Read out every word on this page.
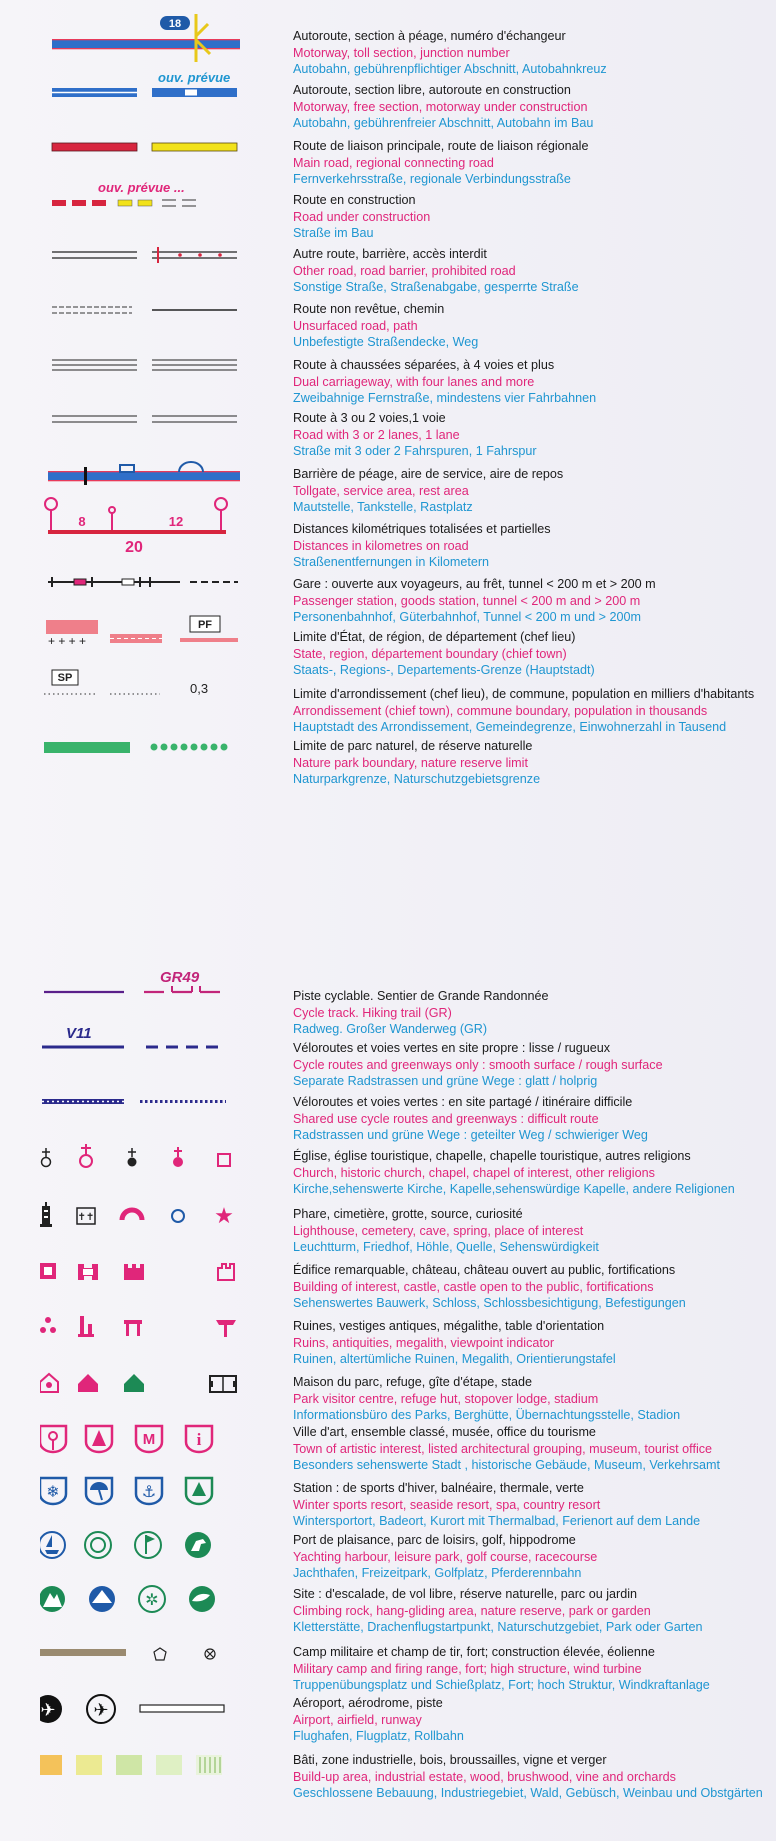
18
Autoroute, section à péage, numéro d'échangeur
Motorway, toll section, junction number
Autobahn, gebührenpflichtiger Abschnitt, Autobahnkreuz
ouv. prévue
Autoroute, section libre, autoroute en construction
Motorway, free section, motorway under construction
Autobahn, gebührenfreier Abschnitt, Autobahn im Bau
Route de liaison principale, route de liaison régionale
Main road, regional connecting road
Fernverkehrsstraße, regionale Verbindungsstraße
ouv. prévue ...
Route en construction
Road under construction
Straße im Bau
Autre route, barrière, accès interdit
Other road, road barrier, prohibited road
Sonstige Straße, Straßenabgabe, gesperrte Straße
Route non revêtue, chemin
Unsurfaced road, path
Unbefestigte Straßendecke, Weg
Route à chaussées séparées, à 4 voies et plus
Dual carriageway, with four lanes and more
Zweibahnige Fernstraße, mindestens vier Fahrbahnen
Route à 3 ou 2 voies,1 voie
Road with 3 or 2 lanes, 1 lane
Straße mit 3 oder 2 Fahrspuren, 1 Fahrspur
Barrière de péage, aire de service, aire de repos
Tollgate, service area, rest area
Mautstelle, Tankstelle, Rastplatz
8	12
20
Distances kilométriques totalisées et partielles
Distances in kilometres on road
Straßenentfernungen in Kilometern
Gare : ouverte aux voyageurs, au frêt, tunnel < 200 m et > 200 m
Passenger station, goods station, tunnel < 200 m and > 200 m
Personenbahnhof, Güterbahnhof, Tunnel < 200 m und > 200m
+ + + +
PF
Limite d'État, de région, de département (chef lieu)
State, region, département boundary (chief town)
Staats-, Regions-, Departements-Grenze (Hauptstadt)
SP
0,3	Limite d'arrondissement (chef lieu), de commune, population en milliers d'habitants
Arrondissement (chief town), commune boundary, population in thousands
Hauptstadt des Arrondissement, Gemeindegrenze, Einwohnerzahl in Tausend
Limite de parc naturel, de réserve naturelle
Nature park boundary, nature reserve limit
Naturparkgrenze, Naturschutzgebietsgrenze
GR49
Piste cyclable. Sentier de Grande Randonnée
Cycle track. Hiking trail (GR)
Radweg. Großer Wanderweg (GR)
V11
Véloroutes et voies vertes en site propre : lisse / rugueux
Cycle routes and greenways only : smooth surface / rough surface
Separate Radstrassen und grüne Wege : glatt / holprig
Véloroutes et voies vertes : en site partagé / itinéraire difficile
Shared use cycle routes and greenways : difficult route
Radstrassen und grüne Wege : geteilter Weg / schwieriger Weg
Église, église touristique, chapelle, chapelle touristique, autres religions
Church, historic church, chapel, chapel of interest, other religions
Kirche,sehenswerte Kirche, Kapelle,sehenswürdige Kapelle, andere Religionen
✝✝	★	Phare, cimetière, grotte, source, curiosité
Lighthouse, cemetery, cave, spring, place of interest
Leuchtturm, Friedhof, Höhle, Quelle, Sehenswürdigkeit
Édifice remarquable, château, château ouvert au public, fortifications
Building of interest, castle, castle open to the public, fortifications
Sehenswertes Bauwerk, Schloss, Schlossbesichtigung, Befestigungen
Ruines, vestiges antiques, mégalithe, table d'orientation
Ruins, antiquities, megalith, viewpoint indicator
Ruinen, altertümliche Ruinen, Megalith, Orientierungstafel
Maison du parc, refuge, gîte d'étape, stade
Park visitor centre, refuge hut, stopover lodge, stadium
Informationsbüro des Parks, Berghütte, Übernachtungsstelle, Stadion
M i	Ville d'art, ensemble classé, musée, office du tourisme
Town of artistic interest, listed architectural grouping, museum, tourist office
Besonders sehenswerte Stadt , historische Gebäude, Museum, Verkehrsamt
❄	⚓	Station : de sports d'hiver, balnéaire, thermale, verte
Winter sports resort, seaside resort, spa, country resort
Wintersportort, Badeort, Kurort mit Thermalbad, Ferienort auf dem Lande
Port de plaisance, parc de loisirs, golf, hippodrome
Yachting harbour, leisure park, golf course, racecourse
Jachthafen, Freizeitpark, Golfplatz, Pferderennbahn
✲	Site : d'escalade, de vol libre, réserve naturelle, parc ou jardin
Climbing rock, hang-gliding area, nature reserve, park or garden
Kletterstätte, Drachenflugstartpunkt, Naturschutzgebiet, Park oder Garten
Camp militaire et champ de tir, fort; construction élevée, éolienne
Military camp and firing range, fort; high structure, wind turbine
Truppenübungsplatz und Schießplatz, Fort; hoch Struktur, Windkraftanlage
✈ ✈	Aéroport, aérodrome, piste
Airport, airfield, runway
Flughafen, Flugplatz, Rollbahn
Bâti, zone industrielle, bois, broussailles, vigne et verger
Build-up area, industrial estate, wood, brushwood, vine and orchards
Geschlossene Bebauung, Industriegebiet, Wald, Gebüsch, Weinbau und Obstgärten
